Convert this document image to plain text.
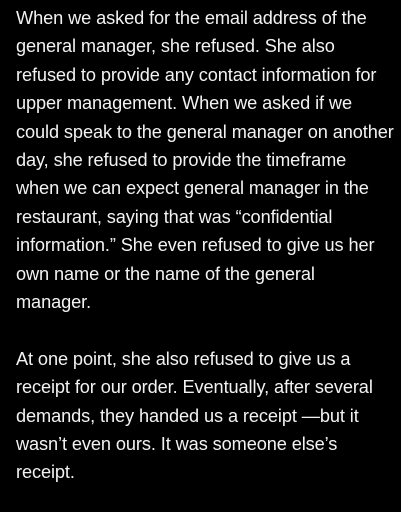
When we asked for the email address of the general manager, she refused. She also refused to provide any contact information for upper management. When we asked if we could speak to the general manager on another day, she refused to provide the timeframe when we can expect general manager in the restaurant, saying that was “confidential information.” She even refused to give us her own name or the name of the general manager.

At one point, she also refused to give us a receipt for our order. Eventually, after several demands, they handed us a receipt —but it wasn’t even ours. It was someone else’s receipt.
